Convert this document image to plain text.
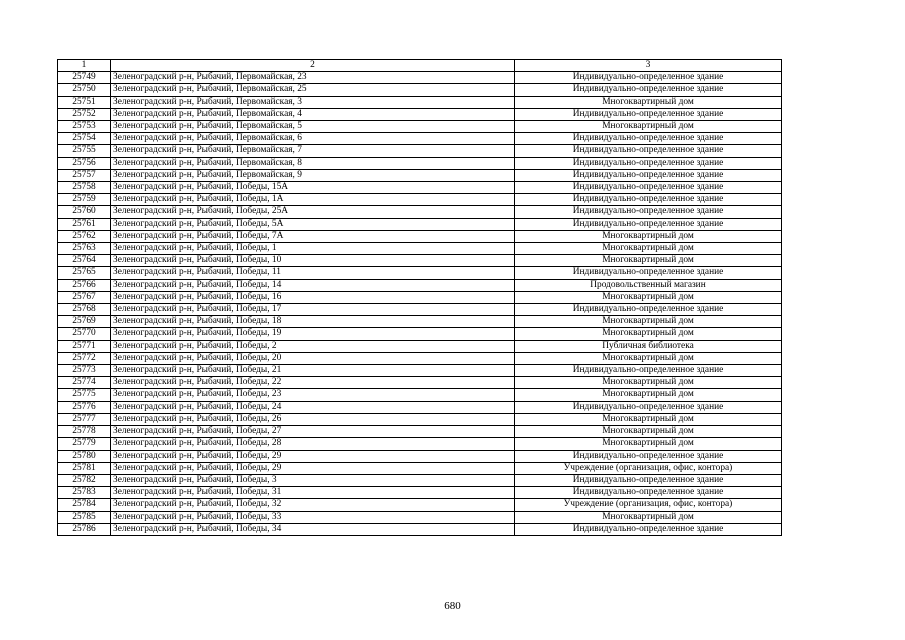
1	2	3
25749	Зеленоградский р-н, Рыбачий, Первомайская, 23	Индивидуально-определенное здание
25750	Зеленоградский р-н, Рыбачий, Первомайская, 25	Индивидуально-определенное здание
25751	Зеленоградский р-н, Рыбачий, Первомайская, 3	Многоквартирный дом
25752	Зеленоградский р-н, Рыбачий, Первомайская, 4	Индивидуально-определенное здание
25753	Зеленоградский р-н, Рыбачий, Первомайская, 5	Многоквартирный дом
25754	Зеленоградский р-н, Рыбачий, Первомайская, 6	Индивидуально-определенное здание
25755	Зеленоградский р-н, Рыбачий, Первомайская, 7	Индивидуально-определенное здание
25756	Зеленоградский р-н, Рыбачий, Первомайская, 8	Индивидуально-определенное здание
25757	Зеленоградский р-н, Рыбачий, Первомайская, 9	Индивидуально-определенное здание
25758	Зеленоградский р-н, Рыбачий, Победы, 15А	Индивидуально-определенное здание
25759	Зеленоградский р-н, Рыбачий, Победы, 1А	Индивидуально-определенное здание
25760	Зеленоградский р-н, Рыбачий, Победы, 25А	Индивидуально-определенное здание
25761	Зеленоградский р-н, Рыбачий, Победы, 5А	Индивидуально-определенное здание
25762	Зеленоградский р-н, Рыбачий, Победы, 7А	Многоквартирный дом
25763	Зеленоградский р-н, Рыбачий, Победы, 1	Многоквартирный дом
25764	Зеленоградский р-н, Рыбачий, Победы, 10	Многоквартирный дом
25765	Зеленоградский р-н, Рыбачий, Победы, 11	Индивидуально-определенное здание
25766	Зеленоградский р-н, Рыбачий, Победы, 14	Продовольственный магазин
25767	Зеленоградский р-н, Рыбачий, Победы, 16	Многоквартирный дом
25768	Зеленоградский р-н, Рыбачий, Победы, 17	Индивидуально-определенное здание
25769	Зеленоградский р-н, Рыбачий, Победы, 18	Многоквартирный дом
25770	Зеленоградский р-н, Рыбачий, Победы, 19	Многоквартирный дом
25771	Зеленоградский р-н, Рыбачий, Победы, 2	Публичная библиотека
25772	Зеленоградский р-н, Рыбачий, Победы, 20	Многоквартирный дом
25773	Зеленоградский р-н, Рыбачий, Победы, 21	Индивидуально-определенное здание
25774	Зеленоградский р-н, Рыбачий, Победы, 22	Многоквартирный дом
25775	Зеленоградский р-н, Рыбачий, Победы, 23	Многоквартирный дом
25776	Зеленоградский р-н, Рыбачий, Победы, 24	Индивидуально-определенное здание
25777	Зеленоградский р-н, Рыбачий, Победы, 26	Многоквартирный дом
25778	Зеленоградский р-н, Рыбачий, Победы, 27	Многоквартирный дом
25779	Зеленоградский р-н, Рыбачий, Победы, 28	Многоквартирный дом
25780	Зеленоградский р-н, Рыбачий, Победы, 29	Индивидуально-определенное здание
25781	Зеленоградский р-н, Рыбачий, Победы, 29	Учреждение (организация, офис, контора)
25782	Зеленоградский р-н, Рыбачий, Победы, 3	Индивидуально-определенное здание
25783	Зеленоградский р-н, Рыбачий, Победы, 31	Индивидуально-определенное здание
25784	Зеленоградский р-н, Рыбачий, Победы, 32	Учреждение (организация, офис, контора)
25785	Зеленоградский р-н, Рыбачий, Победы, 33	Многоквартирный дом
25786	Зеленоградский р-н, Рыбачий, Победы, 34	Индивидуально-определенное здание
680
